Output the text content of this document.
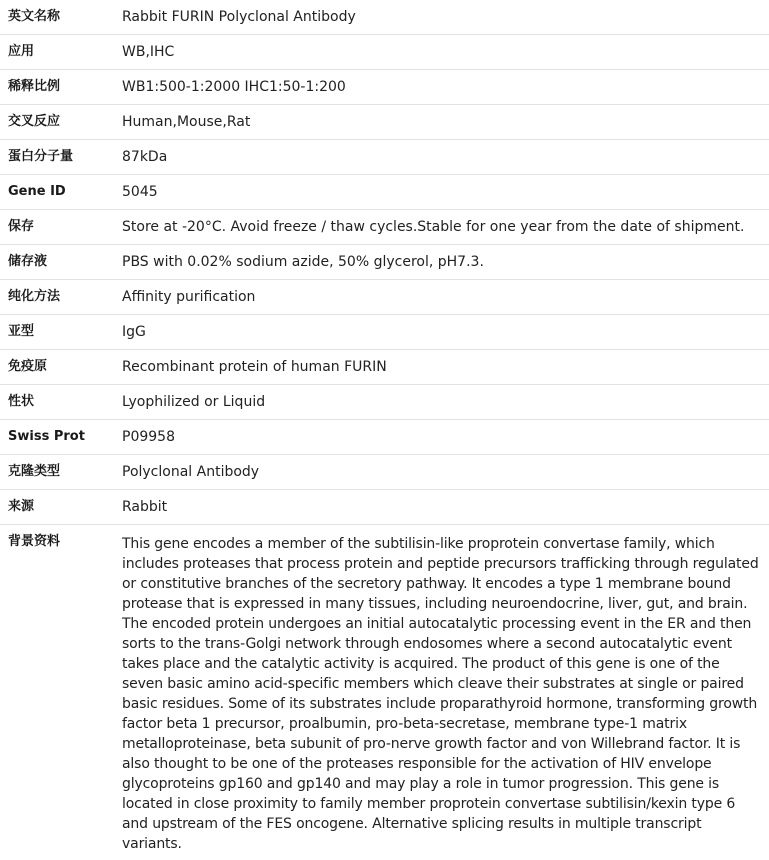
英文名称	Rabbit FURIN Polyclonal Antibody
应用	WB,IHC
稀释比例	WB1:500-1:2000 IHC1:50-1:200
交叉反应	Human,Mouse,Rat
蛋白分子量	87kDa
Gene ID	5045
保存	Store at -20°C. Avoid freeze / thaw cycles.Stable for one year from the date of shipment.
储存液	PBS with 0.02% sodium azide, 50% glycerol, pH7.3.
纯化方法	Affinity purification
亚型	IgG
免疫原	Recombinant protein of human FURIN
性状	Lyophilized or Liquid
Swiss Prot	P09958
克隆类型	Polyclonal Antibody
来源	Rabbit
背景资料	This gene encodes a member of the subtilisin-like proprotein convertase family, which includes proteases that process protein and peptide precursors trafficking through regulated or constitutive branches of the secretory pathway. It encodes a type 1 membrane bound protease that is expressed in many tissues, including neuroendocrine, liver, gut, and brain. The encoded protein undergoes an initial autocatalytic processing event in the ER and then sorts to the trans-Golgi network through endosomes where a second autocatalytic event takes place and the catalytic activity is acquired. The product of this gene is one of the seven basic amino acid-specific members which cleave their substrates at single or paired basic residues. Some of its substrates include proparathyroid hormone, transforming growth factor beta 1 precursor, proalbumin, pro-beta-secretase, membrane type-1 matrix metalloproteinase, beta subunit of pro-nerve growth factor and von Willebrand factor. It is also thought to be one of the proteases responsible for the activation of HIV envelope glycoproteins gp160 and gp140 and may play a role in tumor progression. This gene is located in close proximity to family member proprotein convertase subtilisin/kexin type 6 and upstream of the FES oncogene. Alternative splicing results in multiple transcript variants.
